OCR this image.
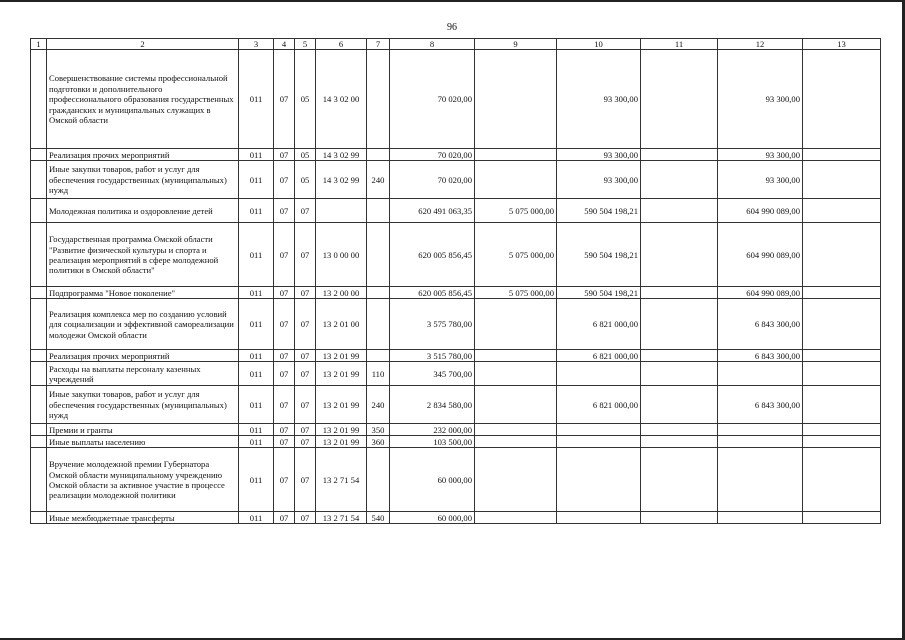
96
1	2	3	4	5	6	7	8	9	10	11	12	13
	Совершенствование системы профессиональной подготовки и дополнительного профессионального образования государственных гражданских и муниципальных служащих в Омской области	011	07	05	14 3 02 00		70 020,00		93 300,00		93 300,00	
	Реализация прочих мероприятий	011	07	05	14 3 02 99		70 020,00		93 300,00		93 300,00	
	Иные закупки товаров, работ и услуг для обеспечения государственных (муниципальных) нужд	011	07	05	14 3 02 99	240	70 020,00		93 300,00		93 300,00	
	Молодежная политика и оздоровление детей	011	07	07			620 491 063,35	5 075 000,00	590 504 198,21		604 990 089,00	
	Государственная программа Омской области "Развитие физической культуры и спорта и реализация мероприятий в сфере молодежной политики в Омской области"	011	07	07	13 0 00 00		620 005 856,45	5 075 000,00	590 504 198,21		604 990 089,00	
	Подпрограмма "Новое поколение"	011	07	07	13 2 00 00		620 005 856,45	5 075 000,00	590 504 198,21		604 990 089,00	
	Реализация комплекса мер по созданию условий для социализации и эффективной самореализации молодежи Омской области	011	07	07	13 2 01 00		3 575 780,00		6 821 000,00		6 843 300,00	
	Реализация прочих мероприятий	011	07	07	13 2 01 99		3 515 780,00		6 821 000,00		6 843 300,00	
	Расходы на выплаты персоналу казенных учреждений	011	07	07	13 2 01 99	110	345 700,00					
	Иные закупки товаров, работ и услуг для обеспечения государственных (муниципальных) нужд	011	07	07	13 2 01 99	240	2 834 580,00		6 821 000,00		6 843 300,00	
	Премии и гранты	011	07	07	13 2 01 99	350	232 000,00					
	Иные выплаты населению	011	07	07	13 2 01 99	360	103 500,00					
	Вручение молодежной премии Губернатора Омской области муниципальному учреждению Омской области за активное участие в процессе реализации молодежной политики	011	07	07	13 2 71 54		60 000,00					
	Иные межбюджетные трансферты	011	07	07	13 2 71 54	540	60 000,00					
